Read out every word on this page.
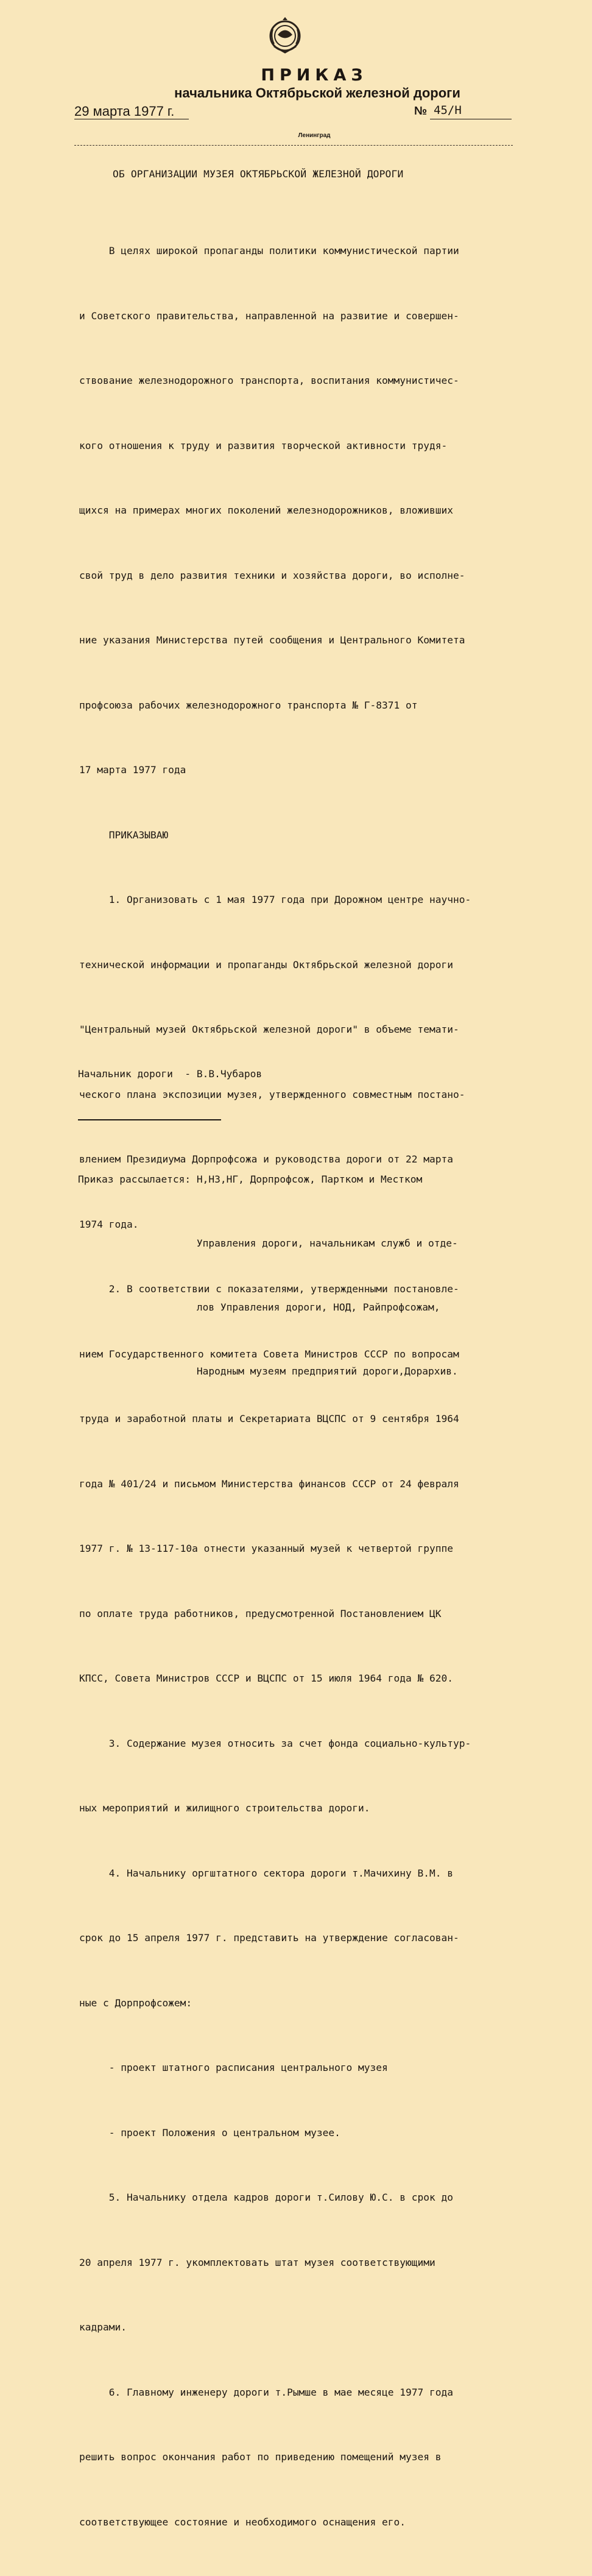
ПРИКАЗ
начальника Октябрьской железной дороги
29 марта 1977 г.	№ 45/Н
Ленинград
ОБ ОРГАНИЗАЦИИ МУЗЕЯ ОКТЯБРЬСКОЙ ЖЕЛЕЗНОЙ ДОРОГИ

В целях широкой пропаганды политики коммунистической партии

и Советского правительства, направленной на развитие и совершен-

ствование железнодорожного транспорта, воспитания коммунистичес-

кого отношения к труду и развития творческой активности трудя-

щихся на примерах многих поколений железнодорожников, вложивших

свой труд в дело развития техники и хозяйства дороги, во исполне-

ние указания Министерства путей сообщения и Центрального Комитета

профсоюза рабочих железнодорожного транспорта № Г-8371 от

17 марта 1977 года

ПРИКАЗЫВАЮ

1. Организовать с 1 мая 1977 года при Дорожном центре научно-

технической информации и пропаганды Октябрьской железной дороги

"Центральный музей Октябрьской железной дороги" в объеме темати-

ческого плана экспозиции музея, утвержденного совместным постано-

влением Президиума Дорпрофсожа и руководства дороги от 22 марта

1974 года.

2. В соответствии с показателями, утвержденными постановле-

нием Государственного комитета Совета Министров СССР по вопросам

труда и заработной платы и Секретариата ВЦСПС от 9 сентября 1964

года № 401/24 и письмом Министерства финансов СССР от 24 февраля

1977 г. № 13-117-10а отнести указанный музей к четвертой группе

по оплате труда работников, предусмотренной Постановлением ЦК

КПСС, Совета Министров СССР и ВЦСПС от 15 июля 1964 года № 620.

3. Содержание музея относить за счет фонда социально-культур-

ных мероприятий и жилищного строительства дороги.

4. Начальнику оргштатного сектора дороги т.Мачихину В.М. в

срок до 15 апреля 1977 г. представить на утверждение согласован-

ные с Дорпрофсожем:

- проект штатного расписания центрального музея

- проект Положения о центральном музее.

5. Начальнику отдела кадров дороги т.Силову Ю.С. в срок до

20 апреля 1977 г. укомплектовать штат музея соответствующими

кадрами.

6. Главному инженеру дороги т.Рымше в мае месяце 1977 года

решить вопрос окончания работ по приведению помещений музея в

соответствующее состояние и необходимого оснащения его.

Начальник дороги  - В.В.Чубаров

Приказ рассылается: Н,НЗ,НГ, Дорпрофсож, Партком и Местком

Управления дороги, начальникам служб и отде-

лов Управления дороги, НОД, Райпрофсожам,

Народным музеям предприятий дороги,Дорархив.
